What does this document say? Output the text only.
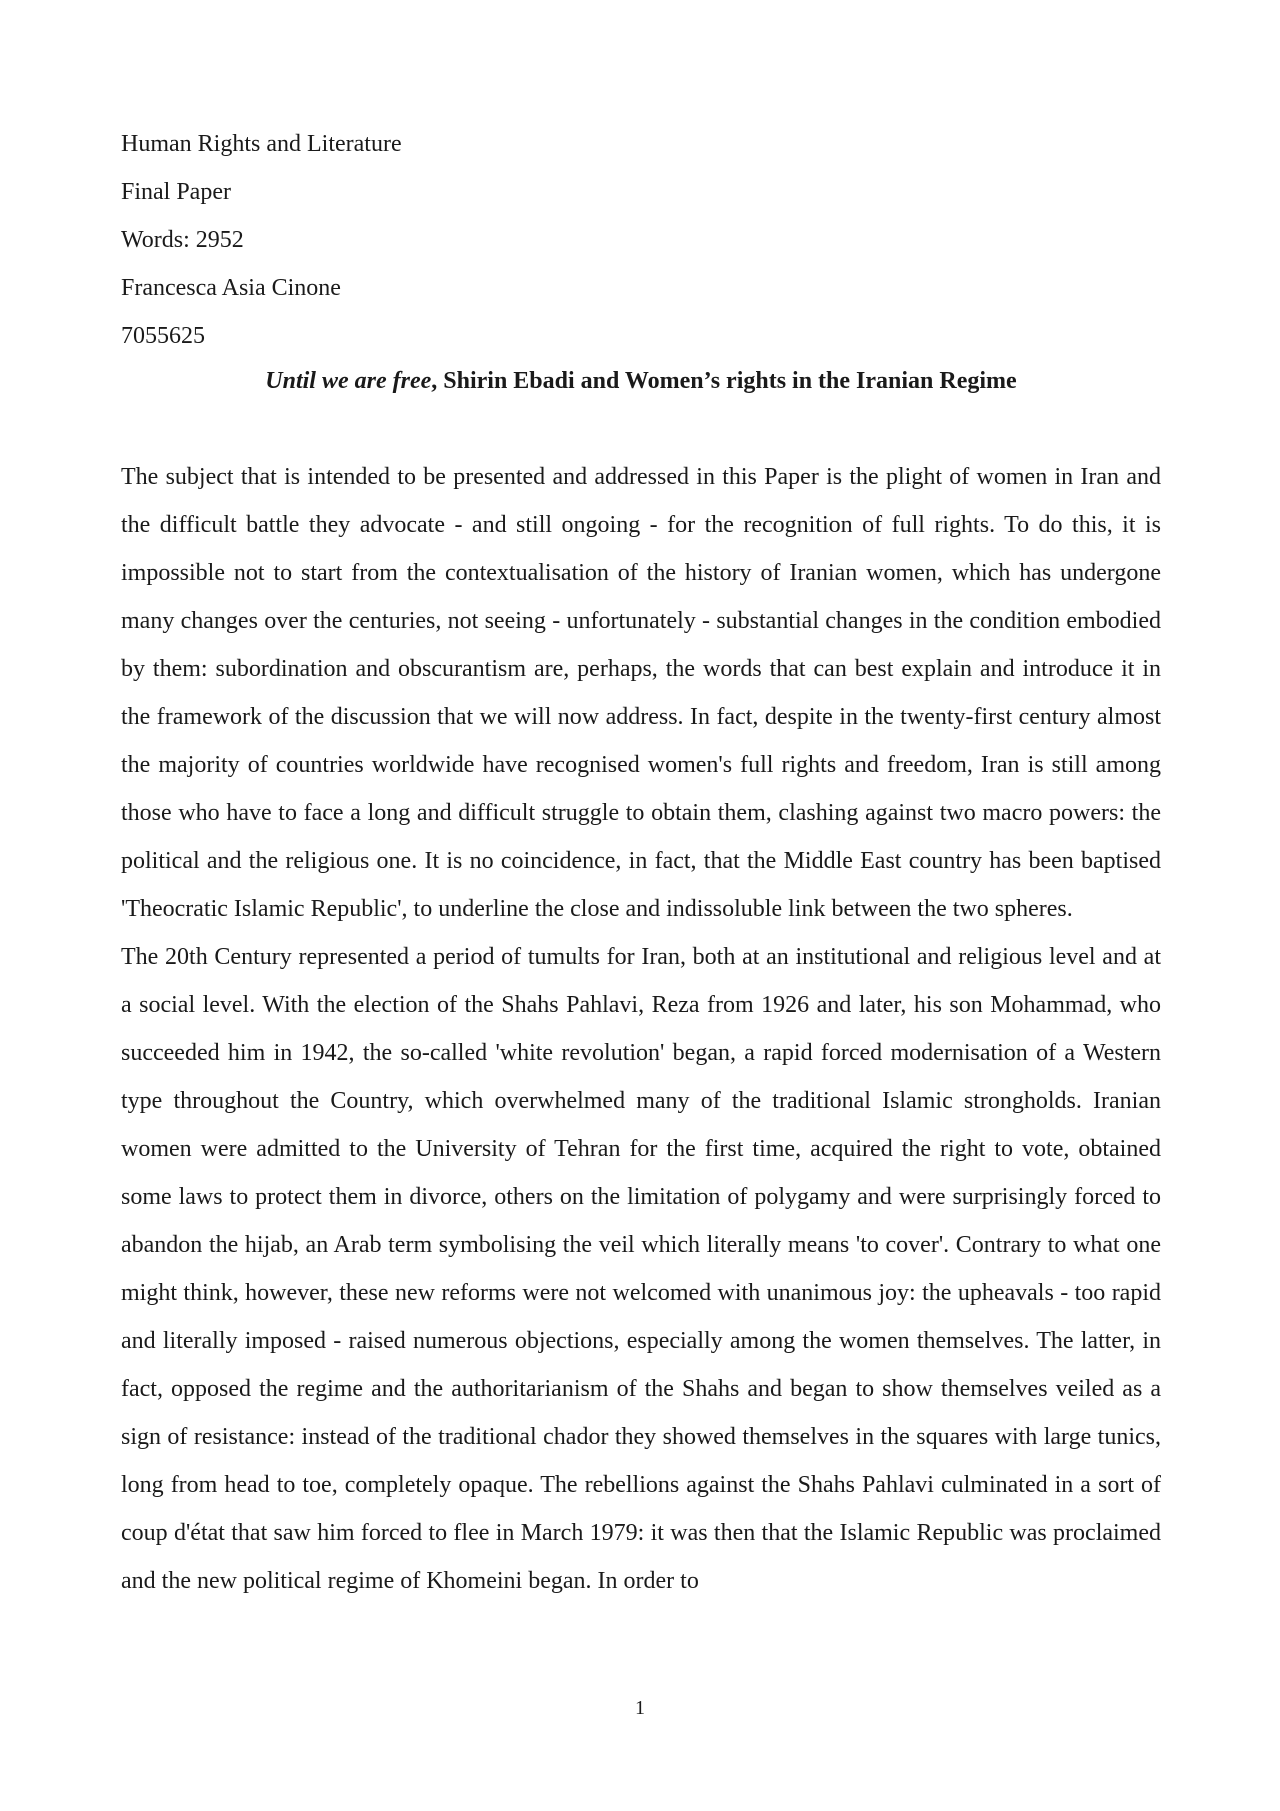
Human Rights and Literature
Final Paper
Words: 2952
Francesca Asia Cinone
7055625
Until we are free, Shirin Ebadi and Women’s rights in the Iranian Regime

The subject that is intended to be presented and addressed in this Paper is the plight of women in Iran and the difficult battle they advocate - and still ongoing - for the recognition of full rights. To do this, it is impossible not to start from the contextualisation of the history of Iranian women, which has undergone many changes over the centuries, not seeing - unfortunately - substantial changes in the condition embodied by them: subordination and obscurantism are, perhaps, the words that can best explain and introduce it in the framework of the discussion that we will now address. In fact, despite in the twenty-first century almost the majority of countries worldwide have recognised women's full rights and freedom, Iran is still among those who have to face a long and difficult struggle to obtain them, clashing against two macro powers: the political and the religious one. It is no coincidence, in fact, that the Middle East country has been baptised 'Theocratic Islamic Republic', to underline the close and indissoluble link between the two spheres.

The 20th Century represented a period of tumults for Iran, both at an institutional and religious level and at a social level. With the election of the Shahs Pahlavi, Reza from 1926 and later, his son Mohammad, who succeeded him in 1942, the so-called 'white revolution' began, a rapid forced modernisation of a Western type throughout the Country, which overwhelmed many of the traditional Islamic strongholds. Iranian women were admitted to the University of Tehran for the first time, acquired the right to vote, obtained some laws to protect them in divorce, others on the limitation of polygamy and were surprisingly forced to abandon the hijab, an Arab term symbolising the veil which literally means 'to cover'. Contrary to what one might think, however, these new reforms were not welcomed with unanimous joy: the upheavals - too rapid and literally imposed - raised numerous objections, especially among the women themselves. The latter, in fact, opposed the regime and the authoritarianism of the Shahs and began to show themselves veiled as a sign of resistance: instead of the traditional chador they showed themselves in the squares with large tunics, long from head to toe, completely opaque. The rebellions against the Shahs Pahlavi culminated in a sort of coup d'état that saw him forced to flee in March 1979: it was then that the Islamic Republic was proclaimed and the new political regime of Khomeini began. In order to

1
